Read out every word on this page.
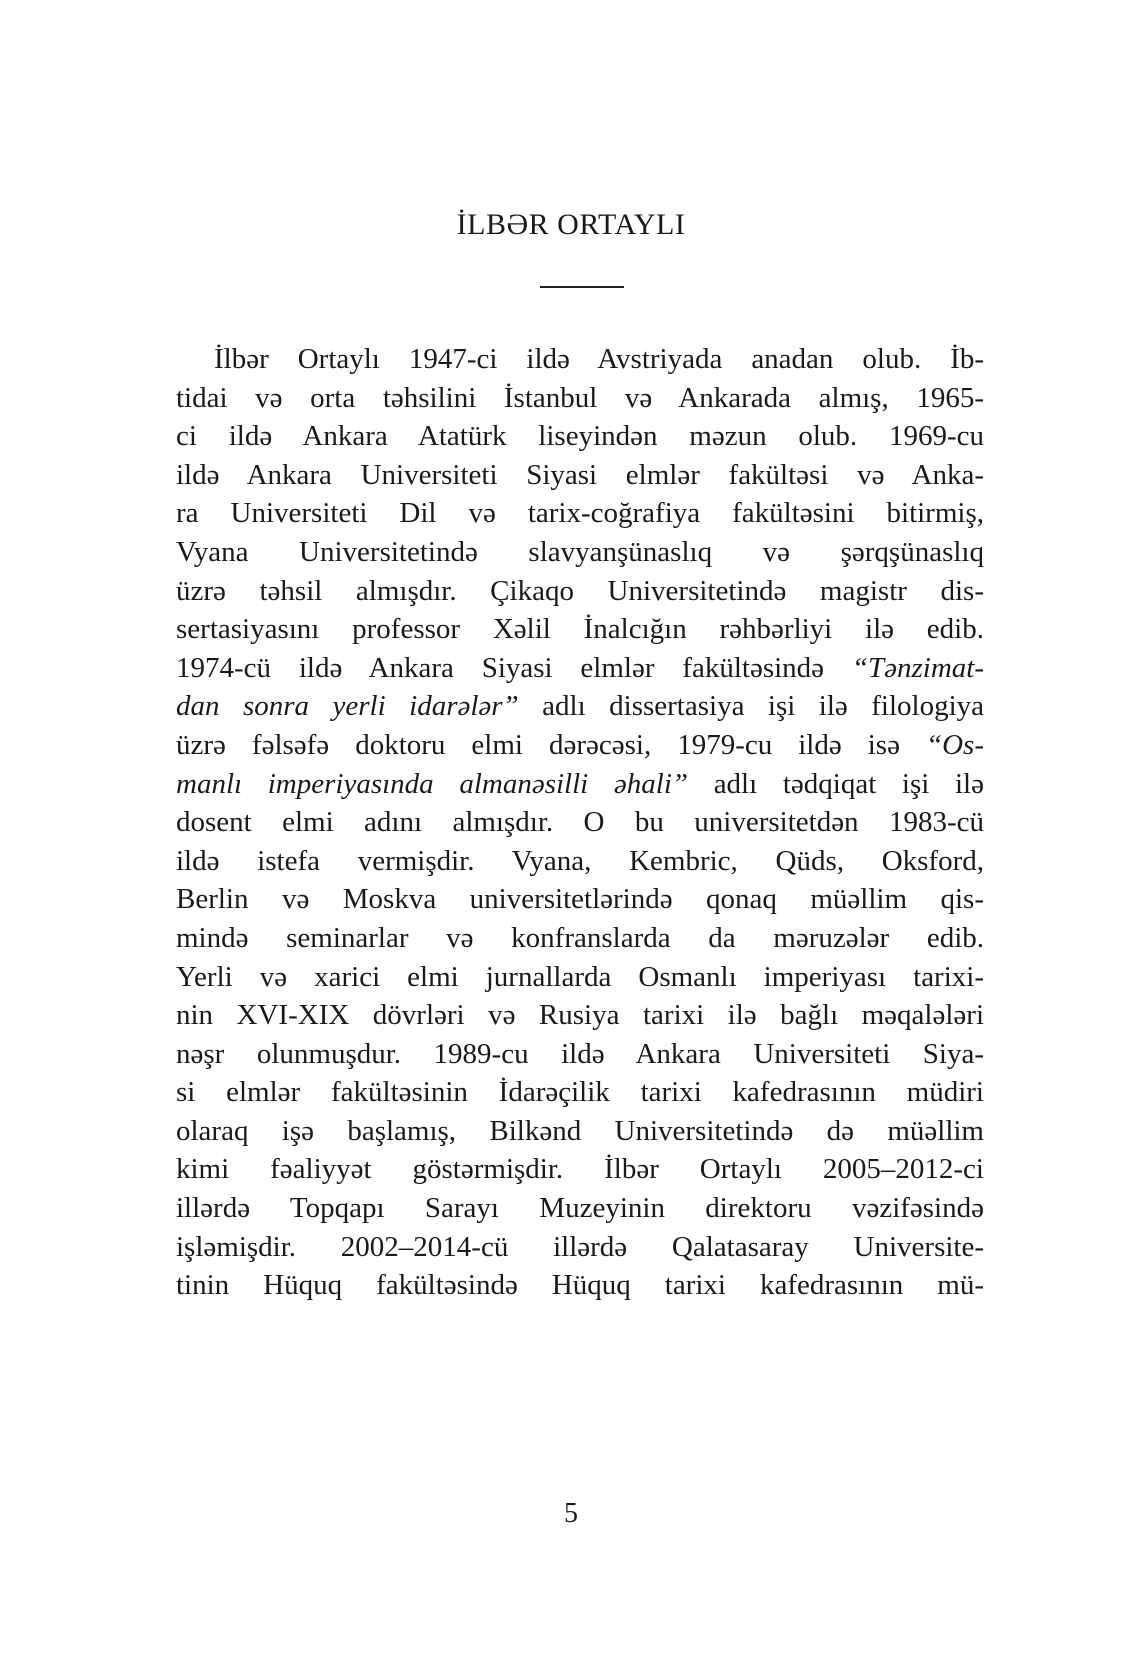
İLBƏR ORTAYLI
İlbər Ortaylı 1947-ci ildə Avstriyada anadan olub. İb-
tidai və orta təhsilini İstanbul və Ankarada almış, 1965-
ci ildə Ankara Atatürk liseyindən məzun olub. 1969-cu
ildə Ankara Universiteti Siyasi elmlər fakültəsi və Anka-
ra Universiteti Dil və tarix-coğrafiya fakültəsini bitirmiş,
Vyana Universitetində slavyanşünaslıq və şərqşünaslıq
üzrə təhsil almışdır. Çikaqo Universitetində magistr dis-
sertasiyasını professor Xəlil İnalcığın rəhbərliyi ilə edib.
1974-cü ildə Ankara Siyasi elmlər fakültəsində “Tənzimat-
dan sonra yerli idarələr” adlı dissertasiya işi ilə filologiya
üzrə fəlsəfə doktoru elmi dərəcəsi, 1979-cu ildə isə “Os-
manlı imperiyasında almanəsilli əhali” adlı tədqiqat işi ilə
dosent elmi adını almışdır. O bu universitetdən 1983-cü
ildə istefa vermişdir. Vyana, Kembric, Qüds, Oksford,
Berlin və Moskva universitetlərində qonaq müəllim qis-
mində seminarlar və konfranslarda da məruzələr edib.
Yerli və xarici elmi jurnallarda Osmanlı imperiyası tarixi-
nin XVI-XIX dövrləri və Rusiya tarixi ilə bağlı məqalələri
nəşr olunmuşdur. 1989-cu ildə Ankara Universiteti Siya-
si elmlər fakültəsinin İdarəçilik tarixi kafedrasının müdiri
olaraq işə başlamış, Bilkənd Universitetində də müəllim
kimi fəaliyyət göstərmişdir. İlbər Ortaylı 2005–2012-ci
illərdə Topqapı Sarayı Muzeyinin direktoru vəzifəsində
işləmişdir. 2002–2014-cü illərdə Qalatasaray Universite-
tinin Hüquq fakültəsində Hüquq tarixi kafedrasının mü-
5
